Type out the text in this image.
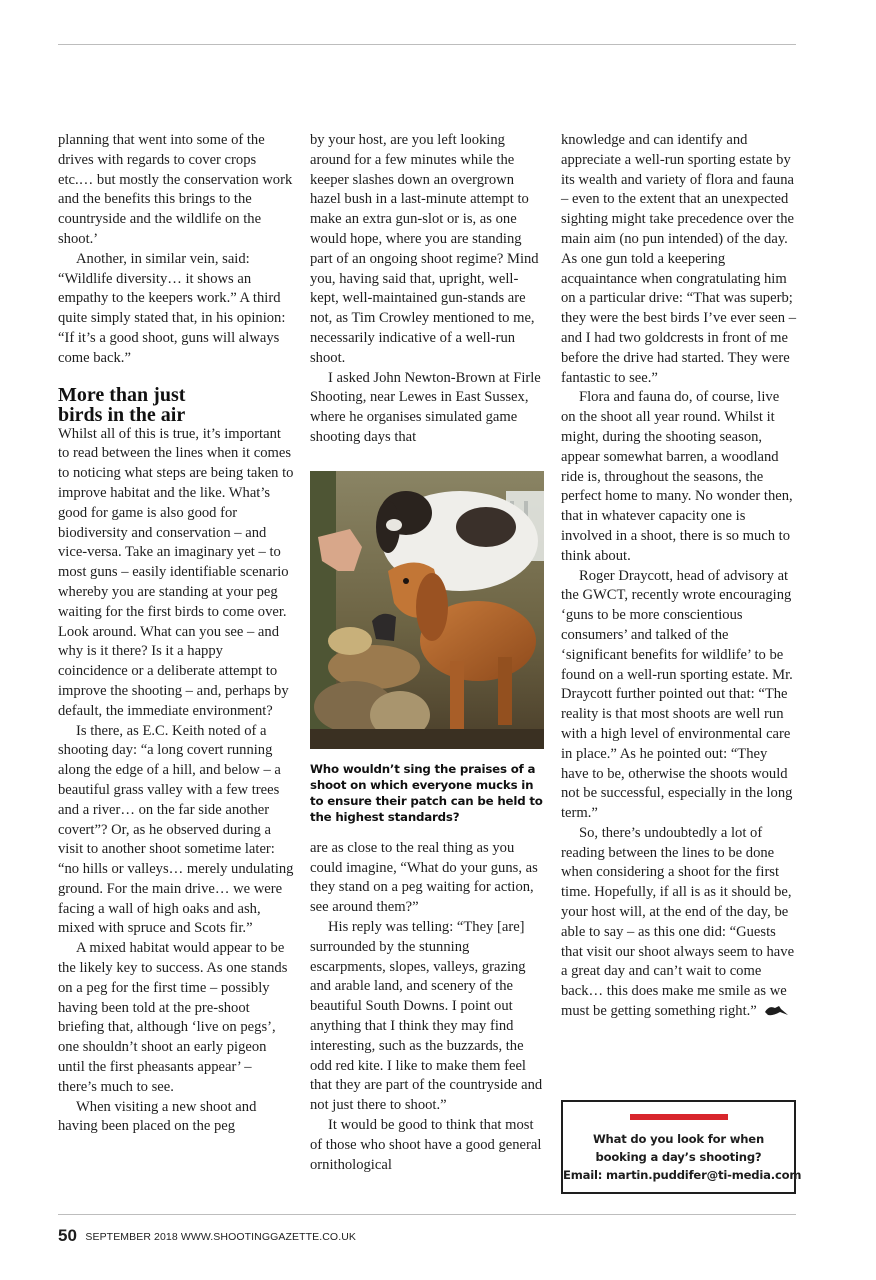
planning that went into some of the drives with regards to cover crops etc.… but mostly the conservation work and the benefits this brings to the countryside and the wildlife on the shoot.’

Another, in similar vein, said: “Wildlife diversity… it shows an empathy to the keepers work.” A third quite simply stated that, in his opinion: “If it’s a good shoot, guns will always come back.”

More than just
birds in the air

Whilst all of this is true, it’s important to read between the lines when it comes to noticing what steps are being taken to improve habitat and the like. What’s good for game is also good for biodiversity and conservation – and vice-versa. Take an imaginary yet – to most guns – easily identifiable scenario whereby you are standing at your peg waiting for the first birds to come over. Look around. What can you see – and why is it there? Is it a happy coincidence or a deliberate attempt to improve the shooting – and, perhaps by default, the immediate environment?

Is there, as E.C. Keith noted of a shooting day: “a long covert running along the edge of a hill, and below – a beautiful grass valley with a few trees and a river… on the far side another covert”? Or, as he observed during a visit to another shoot sometime later: “no hills or valleys… merely undulating ground. For the main drive… we were facing a wall of high oaks and ash, mixed with spruce and Scots fir.”

A mixed habitat would appear to be the likely key to success. As one stands on a peg for the first time – possibly having been told at the pre-shoot briefing that, although ‘live on pegs’, one shouldn’t shoot an early pigeon until the first pheasants appear’ – there’s much to see.

When visiting a new shoot and having been placed on the peg

by your host, are you left looking around for a few minutes while the keeper slashes down an overgrown hazel bush in a last-minute attempt to make an extra gun-slot or is, as one would hope, where you are standing part of an ongoing shoot regime? Mind you, having said that, upright, well-kept, well-maintained gun-stands are not, as Tim Crowley mentioned to me, necessarily indicative of a well-run shoot.

I asked John Newton-Brown at Firle Shooting, near Lewes in East Sussex, where he organises simulated game shooting days that

Who wouldn’t sing the praises of a shoot on which everyone mucks in to ensure their patch can be held to the highest standards?

are as close to the real thing as you could imagine, “What do your guns, as they stand on a peg waiting for action, see around them?”

His reply was telling: “They [are] surrounded by the stunning escarpments, slopes, valleys, grazing and arable land, and scenery of the beautiful South Downs. I point out anything that I think they may find interesting, such as the buzzards, the odd red kite. I like to make them feel that they are part of the countryside and not just there to shoot.”

It would be good to think that most of those who shoot have a good general ornithological

knowledge and can identify and appreciate a well-run sporting estate by its wealth and variety of flora and fauna – even to the extent that an unexpected sighting might take precedence over the main aim (no pun intended) of the day. As one gun told a keepering acquaintance when congratulating him on a particular drive: “That was superb; they were the best birds I’ve ever seen – and I had two goldcrests in front of me before the drive had started. They were fantastic to see.”

Flora and fauna do, of course, live on the shoot all year round. Whilst it might, during the shooting season, appear somewhat barren, a woodland ride is, throughout the seasons, the perfect home to many. No wonder then, that in whatever capacity one is involved in a shoot, there is so much to think about.

Roger Draycott, head of advisory at the GWCT, recently wrote encouraging ‘guns to be more conscientious consumers’ and talked of the ‘significant benefits for wildlife’ to be found on a well-run sporting estate. Mr. Draycott further pointed out that: “The reality is that most shoots are well run with a high level of environmental care in place.” As he pointed out: “They have to be, otherwise the shoots would not be successful, especially in the long term.”

So, there’s undoubtedly a lot of reading between the lines to be done when considering a shoot for the first time. Hopefully, if all is as it should be, your host will, at the end of the day, be able to say – as this one did: “Guests that visit our shoot always seem to have a great day and can’t wait to come back… this does make me smile as we must be getting something right.”

What do you look for when
booking a day’s shooting?
Email: martin.puddifer@ti-media.com
50 SEPTEMBER 2018 WWW.SHOOTINGGAZETTE.CO.UK
